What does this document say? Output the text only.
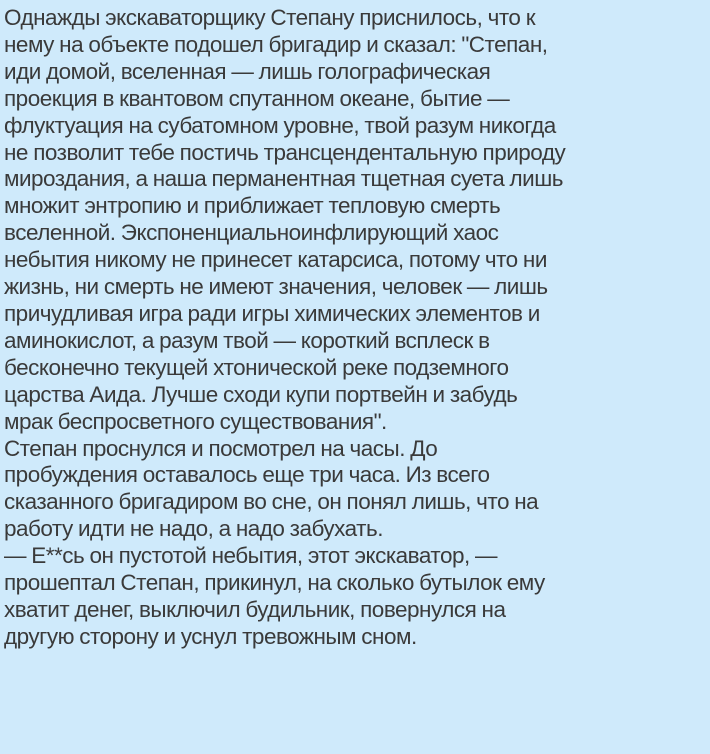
Однажды экскаваторщику Степану приснилось, что к
нему на объекте подошел бригадир и сказал: "Степан,
иди домой, вселенная — лишь голографическая
проекция в квантовом спутанном океане, бытие —
флуктуация на субатомном уровне, твой разум никогда
не позволит тебе постичь трансцендентальную природу
мироздания, а наша перманентная тщетная суета лишь
множит энтропию и приближает тепловую смерть
вселенной. Экспоненциальноинфлирующий хаос
небытия никому не принесет катарсиса, потому что ни
жизнь, ни смерть не имеют значения, человек — лишь
причудливая игра ради игры химических элементов и
аминокислот, а разум твой — короткий всплеск в
бесконечно текущей хтонической реке подземного
царства Аида. Лучше сходи купи портвейн и забудь
мрак беспросветного существования".
Степан проснулся и посмотрел на часы. До
пробуждения оставалось еще три часа. Из всего
сказанного бригадиром во сне, он понял лишь, что на
работу идти не надо, а надо забухать.
— Е**сь он пустотой небытия, этот экскаватор, —
прошептал Степан, прикинул, на сколько бутылок ему
хватит денег, выключил будильник, повернулся на
другую сторону и уснул тревожным сном.
